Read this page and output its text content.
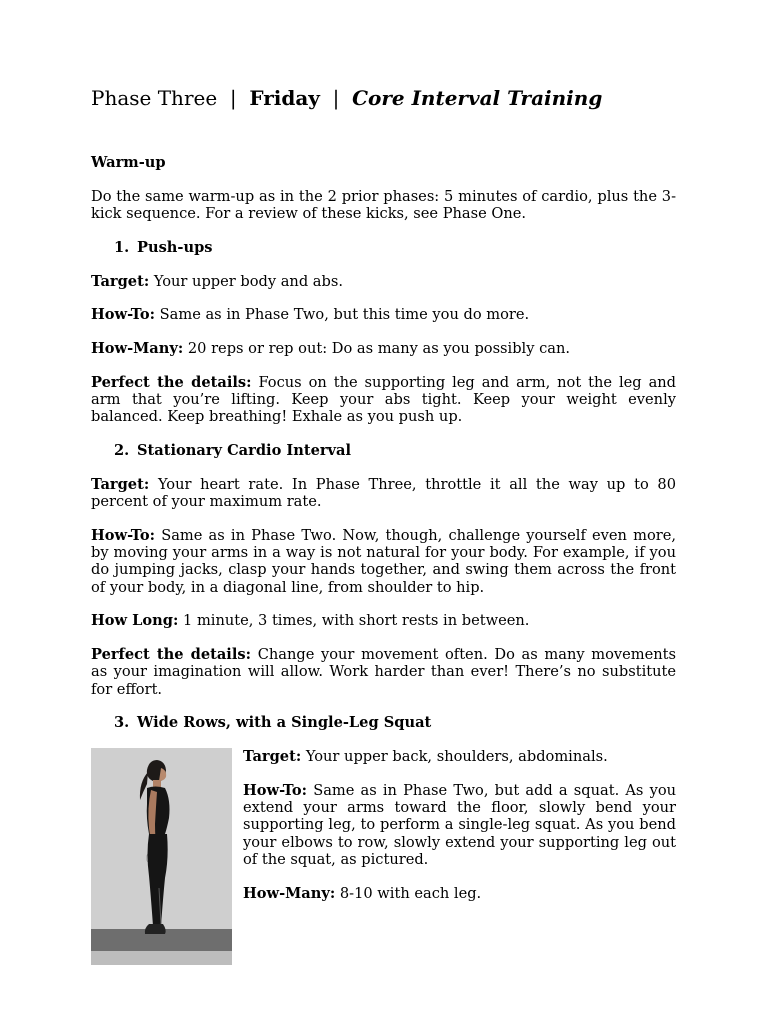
Phase Three | Friday | Core Interval Training
Warm-up

Do the same warm-up as in the 2 prior phases: 5 minutes of cardio, plus the 3-kick sequence. For a review of these kicks, see Phase One.

1. Push-ups

Target: Your upper body and abs.

How-To: Same as in Phase Two, but this time you do more.

How-Many: 20 reps or rep out: Do as many as you possibly can.

Perfect the details: Focus on the supporting leg and arm, not the leg and arm that you’re lifting. Keep your abs tight. Keep your weight evenly balanced. Keep breathing! Exhale as you push up.

2. Stationary Cardio Interval

Target: Your heart rate. In Phase Three, throttle it all the way up to 80 percent of your maximum rate.

How-To: Same as in Phase Two. Now, though, challenge yourself even more, by moving your arms in a way is not natural for your body. For example, if you do jumping jacks, clasp your hands together, and swing them across the front of your body, in a diagonal line, from shoulder to hip.

How Long: 1 minute, 3 times, with short rests in between.

Perfect the details: Change your movement often. Do as many movements as your imagination will allow. Work harder than ever! There’s no substitute for effort.

3. Wide Rows, with a Single-Leg Squat

Target: Your upper back, shoulders, abdominals.

How-To: Same as in Phase Two, but add a squat. As you extend your arms toward the floor, slowly bend your supporting leg, to perform a single-leg squat. As you bend your elbows to row, slowly extend your supporting leg out of the squat, as pictured.

How-Many: 8-10 with each leg.
